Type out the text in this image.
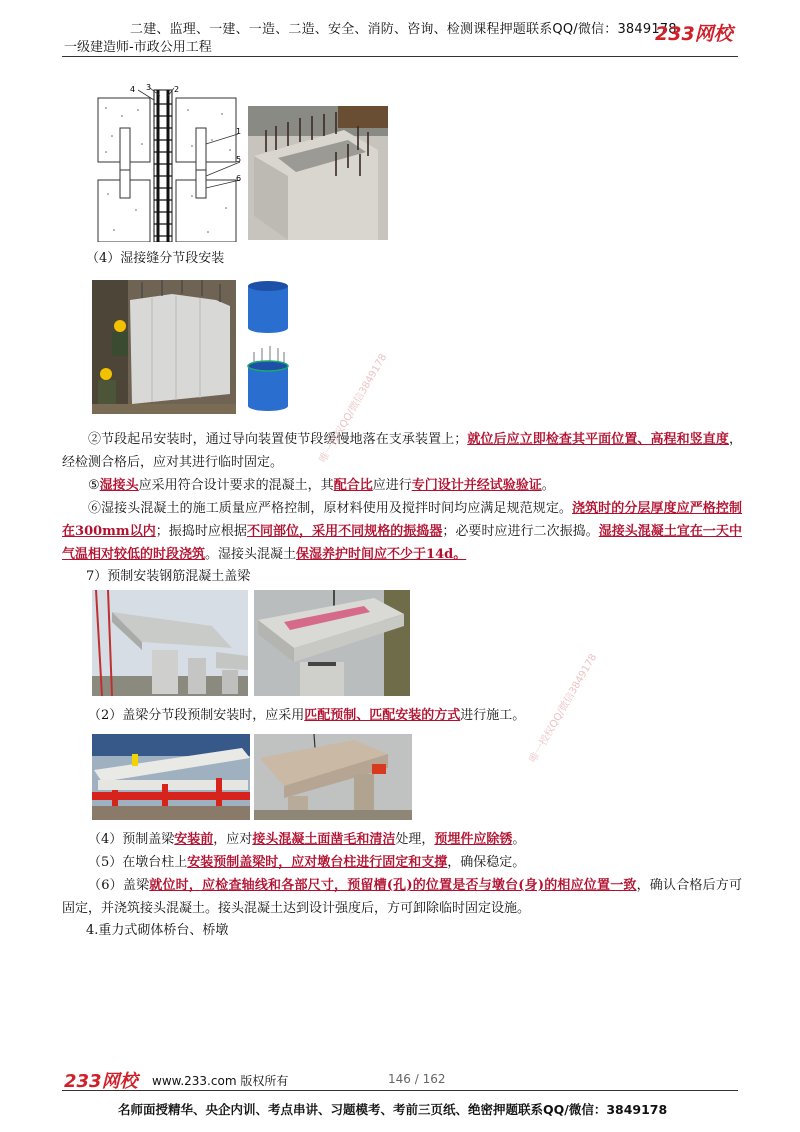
二建、监理、一建、一造、二造、安全、消防、咨询、检测课程押题联系QQ/微信：3849178
一级建造师-市政公用工程
233网校
4 3	2
1
5
6
（4）湿接缝分节段安装
②节段起吊安装时，通过导向装置使节段缓慢地落在支承装置上；就位后应立即检查其平面位置、高程和竖直度，经检测合格后，应对其进行临时固定。
⑤湿接头应采用符合设计要求的混凝土，其配合比应进行专门设计并经试验验证。
⑥湿接头混凝土的施工质量应严格控制，原材料使用及搅拌时间均应满足规范规定。浇筑时的分层厚度应严格控制在300mm以内；振捣时应根据不同部位，采用不同规格的振捣器；必要时应进行二次振捣。湿接头混凝土宜在一天中气温相对较低的时段浇筑。湿接头混凝土保湿养护时间应不少于14d。
7）预制安装钢筋混凝土盖梁
（2）盖梁分节段预制安装时，应采用匹配预制、匹配安装的方式进行施工。
（4）预制盖梁安装前，应对接头混凝土面凿毛和清洁处理，预埋件应除锈。
（5）在墩台柱上安装预制盖梁时，应对墩台柱进行固定和支撑，确保稳定。
（6）盖梁就位时，应检查轴线和各部尺寸，预留槽(孔)的位置是否与墩台(身)的相应位置一致，确认合格后方可固定，并浇筑接头混凝土。接头混凝土达到设计强度后，方可卸除临时固定设施。
4.重力式砌体桥台、桥墩
唯一授权QQ/微信3849178
唯一授权QQ/微信3849178
233网校 www.233.com 版权所有	146 / 162
名师面授精华、央企内训、考点串讲、习题模考、考前三页纸、绝密押题联系QQ/微信：3849178
